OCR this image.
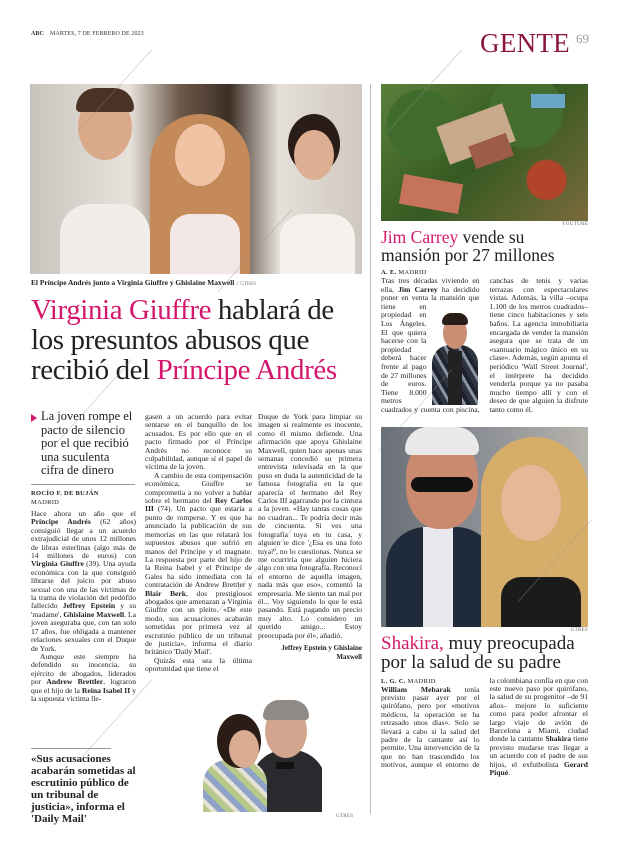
ABC MARTES, 7 DE FEBRERO DE 2023	GENTE 69
El Príncipe Andrés junto a Virginia Giuffre y Ghislaine Maxwell // GTRES
Virginia Giuffre hablará de los presuntos abusos que recibió del Príncipe Andrés
La joven rompe el pacto de silencio por el que recibió una suculenta cifra de dinero
ROCÍO F. DE BUJÁN
MADRID

Hace ahora un año que el Príncipe Andrés (62 años) consiguió llegar a un acuerdo extrajudicial de unos 12 millones de libras esterlinas (algo más de 14 millones de euros) con Virginia Giuffre (39). Una ayuda económica con la que consiguió librarse del juicio por abuso sexual con una de las víctimas de la trama de violación del pedófilo fallecido Jeffrey Epstein y su 'madame', Ghislaine Maxwell. La joven aseguraba que, con tan solo 17 años, fue obligada a mantener relaciones sexuales con el Duque de York.

Aunque este siempre ha defendido su inocencia, su ejército de abogados, liderados por Andrew Brettler, lograron que el hijo de la Reina Isabel II y la supuesta víctima lle-

«Sus acusaciones acabarán sometidas al escrutinio público de un tribunal de justicia», informa el 'Daily Mail'

gasen a un acuerdo para evitar sentarse en el banquillo de los acusados. Es por ello que en el pacto firmado por el Príncipe Andrés no reconoce su culpabilidad, aunque sí el papel de víctima de la joven.

A cambio de esta compensación económica, Giuffre se comprometía a no volver a hablar sobre el hermano del Rey Carlos III (74). Un pacto que estaría a punto de romperse. Y es que ha anunciado la publicación de sus memorias en las que relatará los supuestos abusos que sufrió en manos del Príncipe y el magnate. La respuesta por parte del hijo de la Reina Isabel y el Príncipe de Gales ha sido inmediata con la contratación de Andrew Brettler y Blair Berk, dos prestigiosos abogados que amenazan a Virginia Giuffre con un pleito. «De este modo, sus acusaciones acabarán sometidas por primera vez al escrutinio público de un tribunal de justicia», informa el diario británico 'Daily Mail'.

Quizás esta sea la última oportunidad que tiene el

Duque de York para limpiar su imagen si realmente es inocente, como él mismo defiende. Una afirmación que apoya Ghislaine Maxwell, quien hace apenas unas semanas concedió su primera entrevista televisada en la que puso en duda la autenticidad de la famosa fotografía en la que aparecía el hermano del Rey Carlos III agarrando por la cintura a la joven. «Hay tantas cosas que no cuadran... Te podría decir más de cincuenta. Si ves una fotografía tuya en tu casa, y alguien te dice '¿Esa es una foto tuya?', no lo cuestionas. Nunca se me ocurriría que alguien hiciera algo con una fotografía. Reconocí el entorno de aquella imagen, nada más que eso», comentó la empresaria. Me siento tan mal por él... Voy siguiendo lo que le está pasando. Está pagando un precio muy alto. Lo considero un querido amigo... Estoy preocupada por él», añadió.

Jeffrey Epstein y Ghislaine Maxwell
GTRES
YOUTUBE
Jim Carrey vende su mansión por 27 millones
A. E. MADRID

Tras tres décadas viviendo en ella, Jim Carrey ha decidido poner en venta la mansión que tiene en propiedad en Los Ángeles. El que quiera hacerse con la propiedad deberá hacer frente al pago de 27 millones de euros. Tiene 8.000 metros cuadrados y cuenta con piscina, canchas de tenis y varias terrazas con espectaculares vistas. Además, la villa –ocupa 1.100 de los metros cuadrados– tiene cinco habitaciones y seis baños. La agencia inmobiliaria encargada de vender la mansión asegura que se trata de un «santuario mágico único en su clase». Además, según apunta el periódico 'Wall Street Journal', el intérprete ha decidido venderla porque ya no pasaba mucho tiempo allí y con el deseo de que alguien la disfrute tanto como él.

GTRES
Shakira, muy preocupada por la salud de su padre
L. G. C. MADRID

William Mebarak tenía previsto pasar ayer por el quirófano, pero por «motivos médicos, la operación se ha retrasado unos días». Solo se llevará a cabo si la salud del padre de la cantante así lo permite. Una intervención de la que no han trascendido los motivos, aunque el entorno de la colombiana confía en que con este nuevo paso por quirófano, la salud de su progenitor –de 91 años– mejore lo suficiente como para poder afrontar el largo viaje de avión de Barcelona a Miami, ciudad donde la cantante Shakira tiene previsto mudarse tras llegar a un acuerdo con el padre de sus hijos, el exfutbolista Gerard Piqué.
